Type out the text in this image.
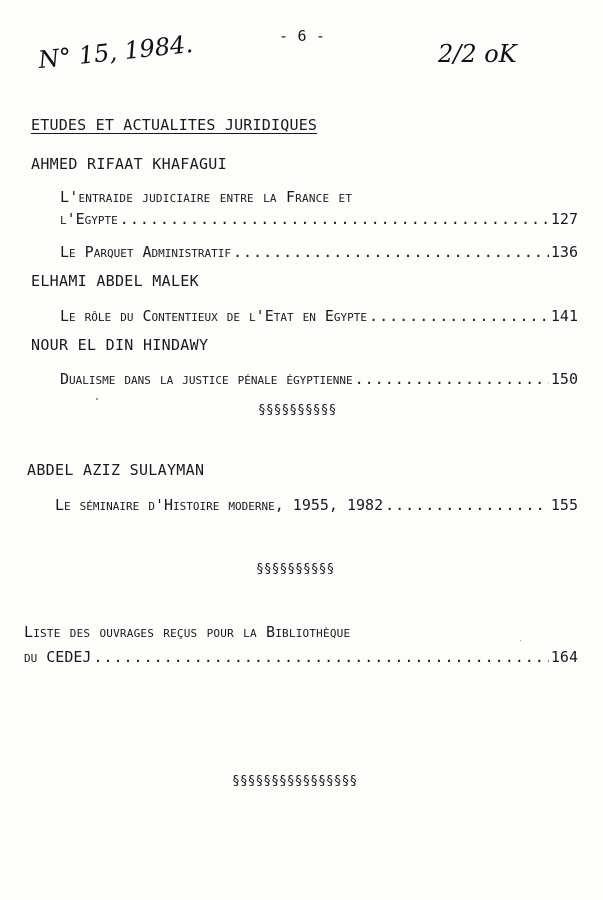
N° 15, 1984.	2/2 oK
- 6 -
ETUDES ET ACTUALITES JURIDIQUES
AHMED RIFAAT KHAFAGUI
L'entraide judiciaire entre la France et
l'Egypte .....	127
Le Parquet Administratif .....	136
ELHAMI ABDEL MALEK
Le rôle du Contentieux de l'Etat en Egypte .....	141
NOUR EL DIN HINDAWY
Dualisme dans la justice pénale égyptienne .....	150
§§§§§§§§§§
ABDEL AZIZ SULAYMAN
Le séminaire d'Histoire moderne, 1955, 1982 .....	155
§§§§§§§§§§
Liste des ouvrages reçus pour la Bibliothèque
du CEDEJ .....	164
§§§§§§§§§§§§§§§§
